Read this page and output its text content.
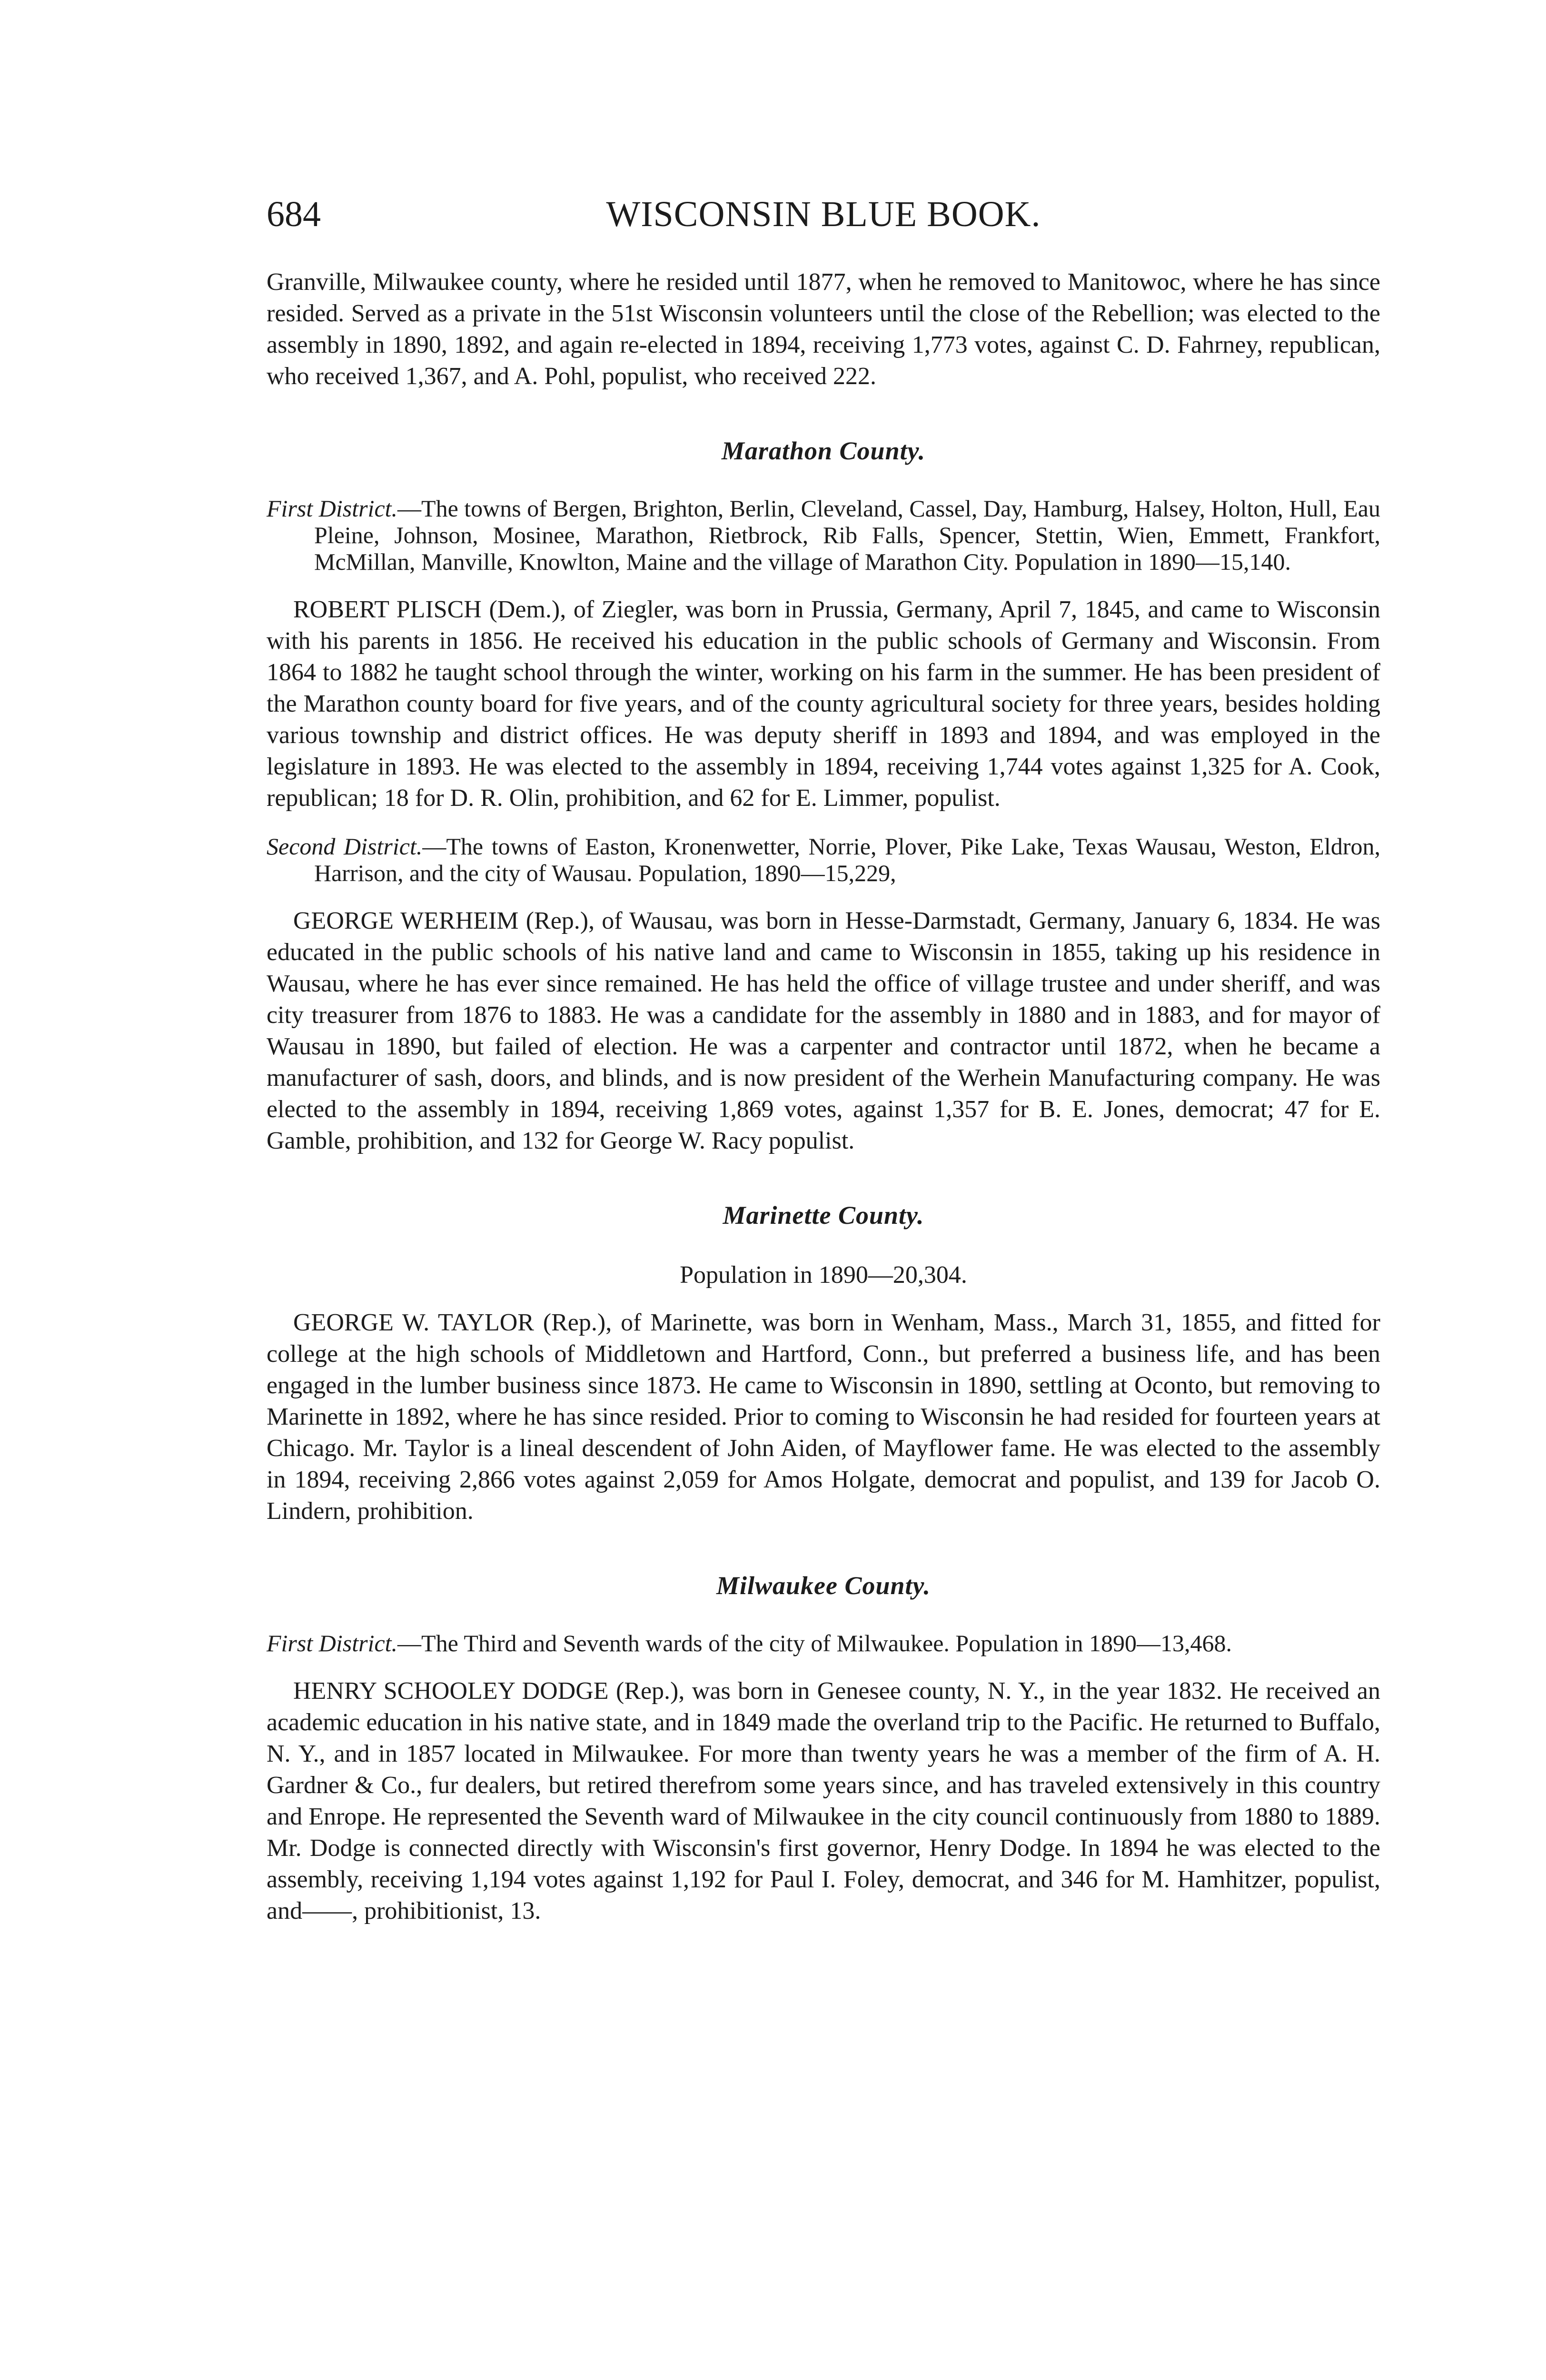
684	WISCONSIN BLUE BOOK.

Granville, Milwaukee county, where he resided until 1877, when he removed to Manitowoc, where he has since resided. Served as a private in the 51st Wisconsin volunteers until the close of the Rebellion; was elected to the assembly in 1890, 1892, and again re-elected in 1894, receiving 1,773 votes, against C. D. Fahrney, republican, who received 1,367, and A. Pohl, populist, who received 222.

Marathon County.

First District.—The towns of Bergen, Brighton, Berlin, Cleveland, Cassel, Day, Hamburg, Halsey, Holton, Hull, Eau Pleine, Johnson, Mosinee, Marathon, Rietbrock, Rib Falls, Spencer, Stettin, Wien, Emmett, Frankfort, McMillan, Manville, Knowlton, Maine and the village of Marathon City. Population in 1890—15,140.

ROBERT PLISCH (Dem.), of Ziegler, was born in Prussia, Germany, April 7, 1845, and came to Wisconsin with his parents in 1856. He received his education in the public schools of Germany and Wisconsin. From 1864 to 1882 he taught school through the winter, working on his farm in the summer. He has been president of the Marathon county board for five years, and of the county agricultural society for three years, besides holding various township and district offices. He was deputy sheriff in 1893 and 1894, and was employed in the legislature in 1893. He was elected to the assembly in 1894, receiving 1,744 votes against 1,325 for A. Cook, republican; 18 for D. R. Olin, prohibition, and 62 for E. Limmer, populist.

Second District.—The towns of Easton, Kronenwetter, Norrie, Plover, Pike Lake, Texas Wausau, Weston, Eldron, Harrison, and the city of Wausau. Population, 1890—15,229,

GEORGE WERHEIM (Rep.), of Wausau, was born in Hesse-Darmstadt, Germany, January 6, 1834. He was educated in the public schools of his native land and came to Wisconsin in 1855, taking up his residence in Wausau, where he has ever since remained. He has held the office of village trustee and under sheriff, and was city treasurer from 1876 to 1883. He was a candidate for the assembly in 1880 and in 1883, and for mayor of Wausau in 1890, but failed of election. He was a carpenter and contractor until 1872, when he became a manufacturer of sash, doors, and blinds, and is now president of the Werhein Manufacturing company. He was elected to the assembly in 1894, receiving 1,869 votes, against 1,357 for B. E. Jones, democrat; 47 for E. Gamble, prohibition, and 132 for George W. Racy populist.

Marinette County.
Population in 1890—20,304.

GEORGE W. TAYLOR (Rep.), of Marinette, was born in Wenham, Mass., March 31, 1855, and fitted for college at the high schools of Middletown and Hartford, Conn., but preferred a business life, and has been engaged in the lumber business since 1873. He came to Wisconsin in 1890, settling at Oconto, but removing to Marinette in 1892, where he has since resided. Prior to coming to Wisconsin he had resided for fourteen years at Chicago. Mr. Taylor is a lineal descendent of John Aiden, of Mayflower fame. He was elected to the assembly in 1894, receiving 2,866 votes against 2,059 for Amos Holgate, democrat and populist, and 139 for Jacob O. Lindern, prohibition.

Milwaukee County.

First District.—The Third and Seventh wards of the city of Milwaukee. Population in 1890—13,468.

HENRY SCHOOLEY DODGE (Rep.), was born in Genesee county, N. Y., in the year 1832. He received an academic education in his native state, and in 1849 made the overland trip to the Pacific. He returned to Buffalo, N. Y., and in 1857 located in Milwaukee. For more than twenty years he was a member of the firm of A. H. Gardner & Co., fur dealers, but retired therefrom some years since, and has traveled extensively in this country and Enrope. He represented the Seventh ward of Milwaukee in the city council continuously from 1880 to 1889. Mr. Dodge is connected directly with Wisconsin's first governor, Henry Dodge. In 1894 he was elected to the assembly, receiving 1,194 votes against 1,192 for Paul I. Foley, democrat, and 346 for M. Hamhitzer, populist, and——, prohibitionist, 13.
